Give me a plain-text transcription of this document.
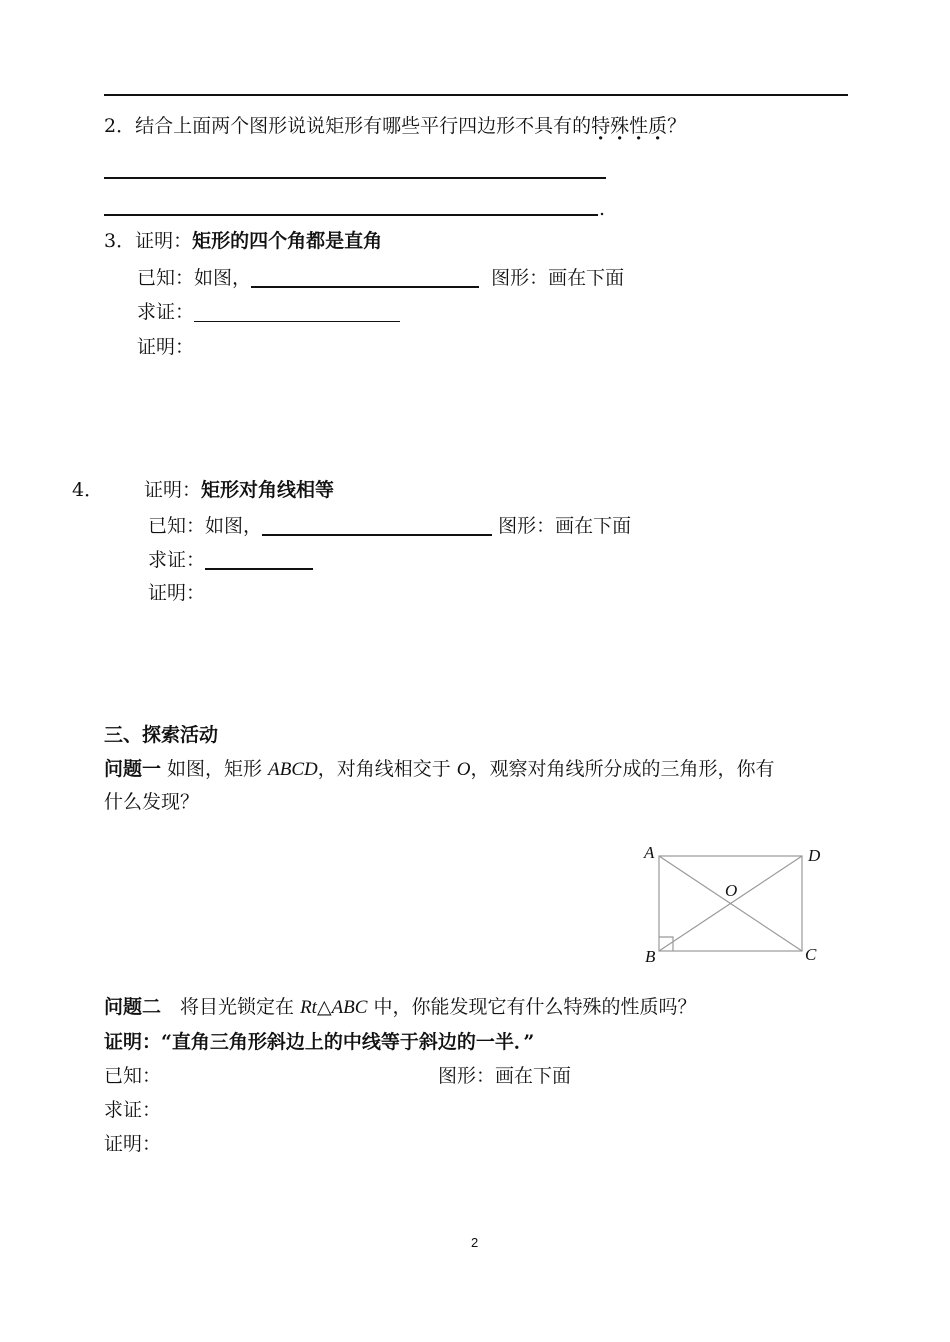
2．结合上面两个图形说说矩形有哪些平行四边形不具有的特殊性质？
.
3．证明：矩形的四个角都是直角
已知：如图，	图形：画在下面
求证：
证明：
4． 证明：矩形对角线相等
已知：如图，	图形：画在下面
求证：
证明：
三、探索活动
问题一 如图，矩形 ABCD，对角线相交于 O，观察对角线所分成的三角形，你有
什么发现？
A	D
O
B	C
问题二　将目光锁定在 Rt△ABC 中，你能发现它有什么特殊的性质吗？
证明：“直角三角形斜边上的中线等于斜边的一半．”
已知：	图形：画在下面
求证：
证明：
2
